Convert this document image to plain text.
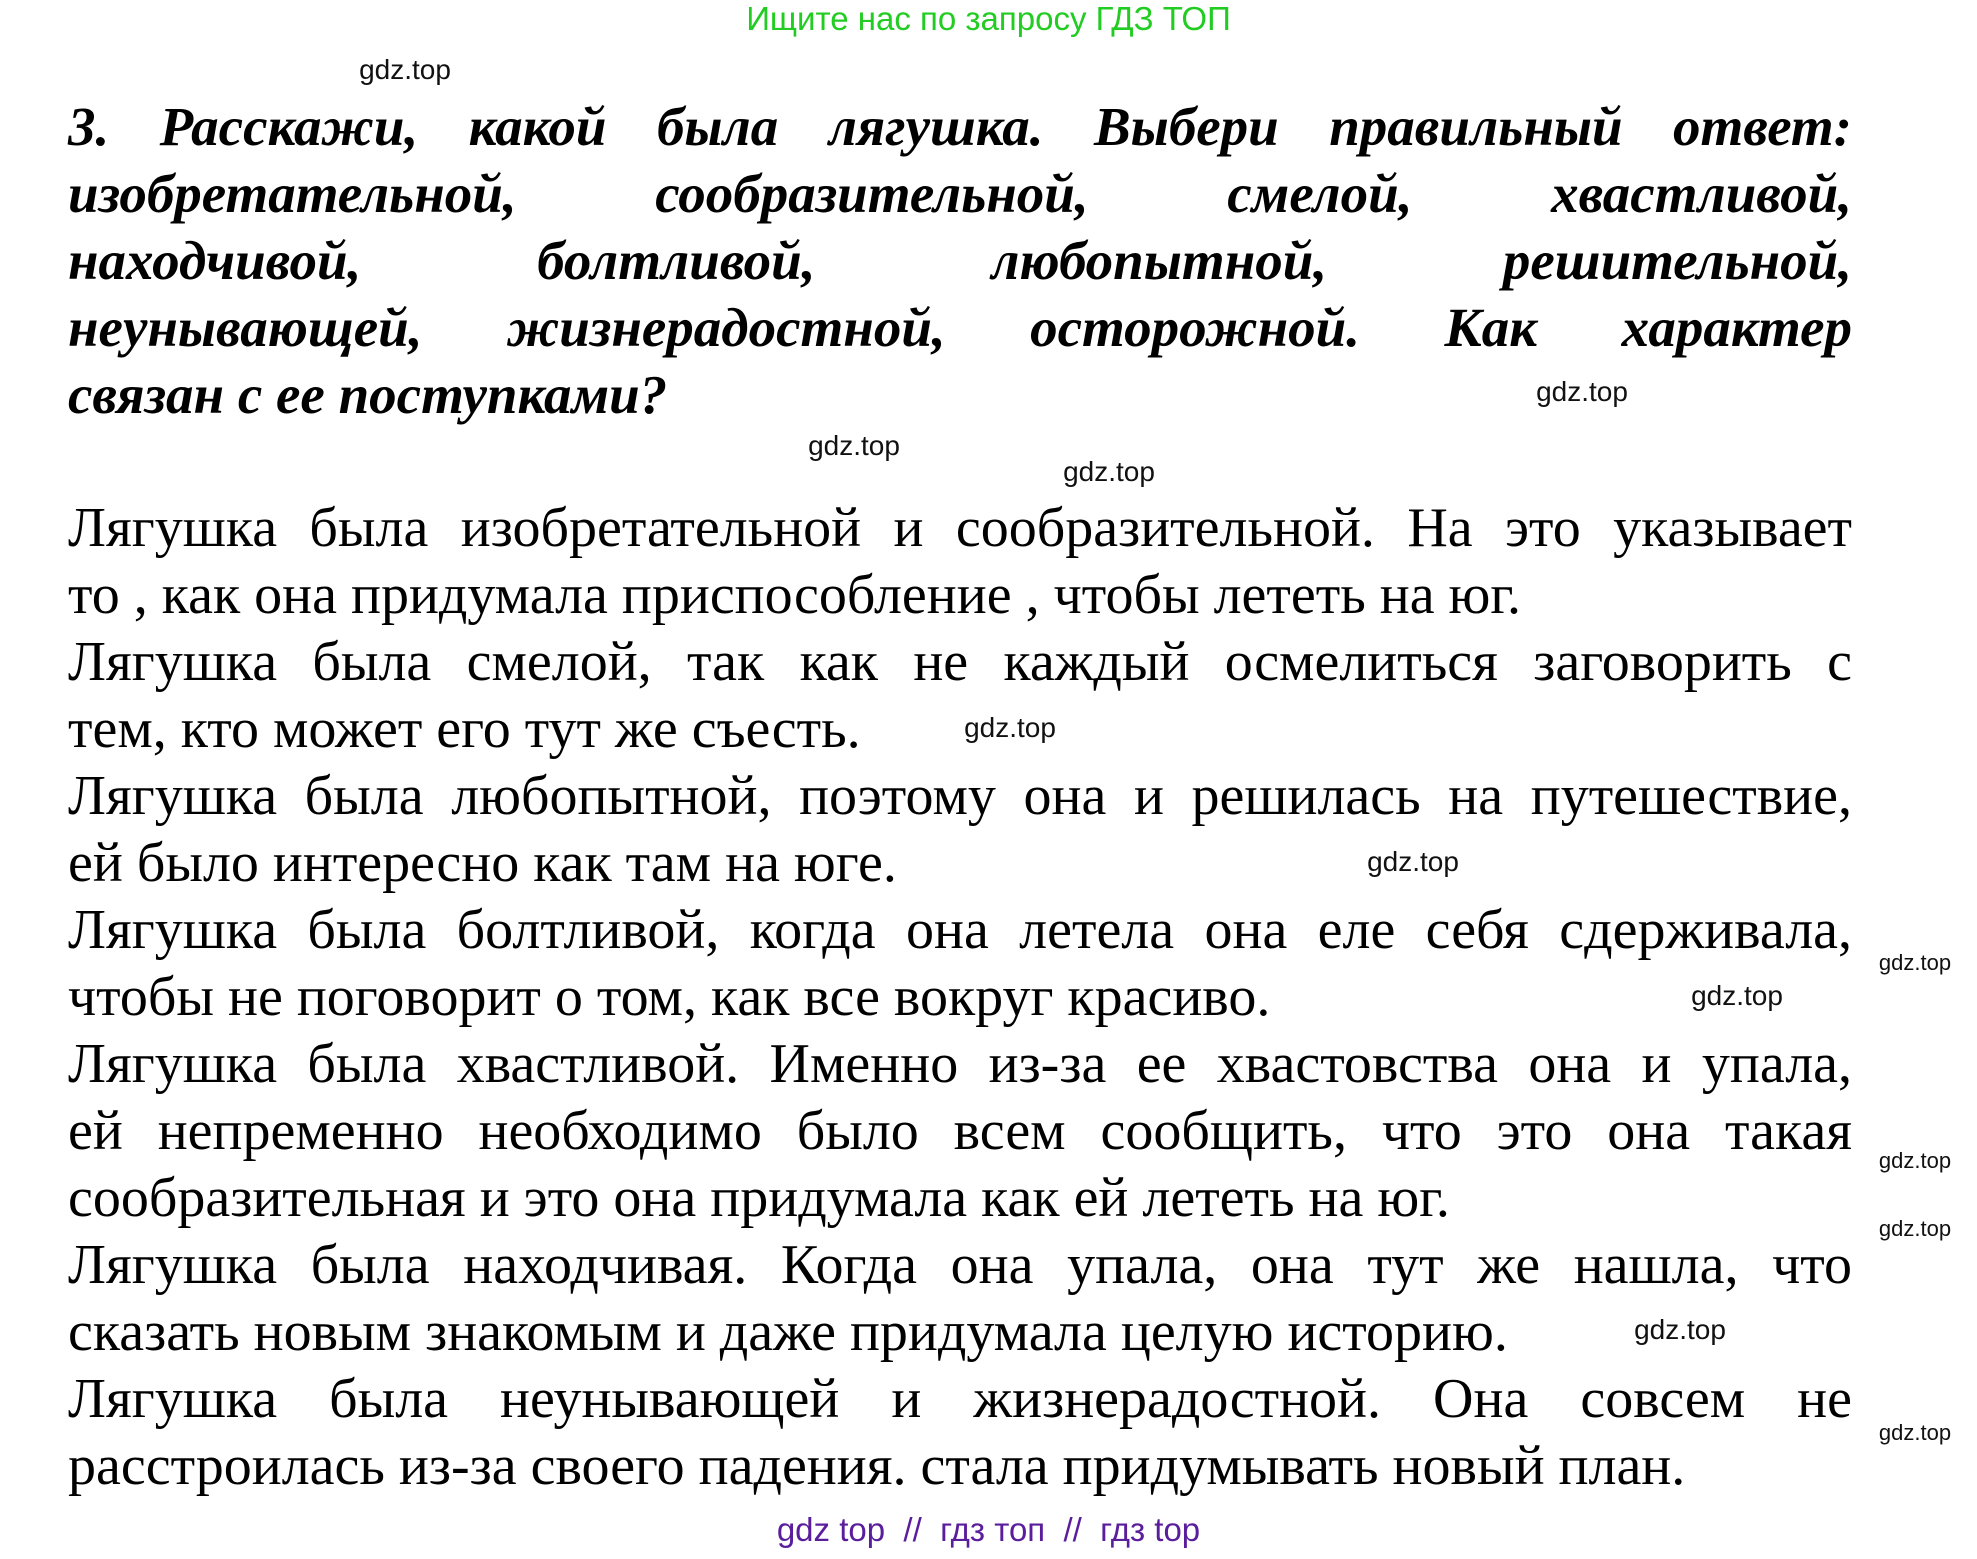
Ищите нас по запросу ГДЗ ТОП
3. Расскажи, какой была лягушка. Выбери правильный ответ:
изобретательной, сообразительной, смелой, хвастливой,
находчивой, болтливой, любопытной, решительной,
неунывающей, жизнерадостной, осторожной. Как характер
связан с ее поступками?
Лягушка была изобретательной и сообразительной. На это указывает
то , как она придумала приспособление , чтобы лететь на юг.
Лягушка была смелой, так как не каждый осмелиться заговорить с
тем, кто может его тут же съесть.
Лягушка была любопытной, поэтому она и решилась на путешествие,
ей было интересно как там на юге.
Лягушка была болтливой, когда она летела она еле себя сдерживала,
чтобы не поговорит о том, как все вокруг красиво.
Лягушка была хвастливой. Именно из-за ее хвастовства она и упала,
ей непременно необходимо было всем сообщить, что это она такая
сообразительная и это она придумала как ей лететь на юг.
Лягушка была находчивая. Когда она упала, она тут же нашла, что
сказать новым знакомым и даже придумала целую историю.
Лягушка была неунывающей и жизнерадостной. Она совсем не
расстроилась из-за своего падения. стала придумывать новый план.
gdz.top
gdz.top
gdz.top
gdz.top
gdz.top
gdz.top
gdz.top
gdz.top
gdz.top
gdz.top
gdz.top
gdz.top
gdz top  //  гдз топ  //  гдз top
